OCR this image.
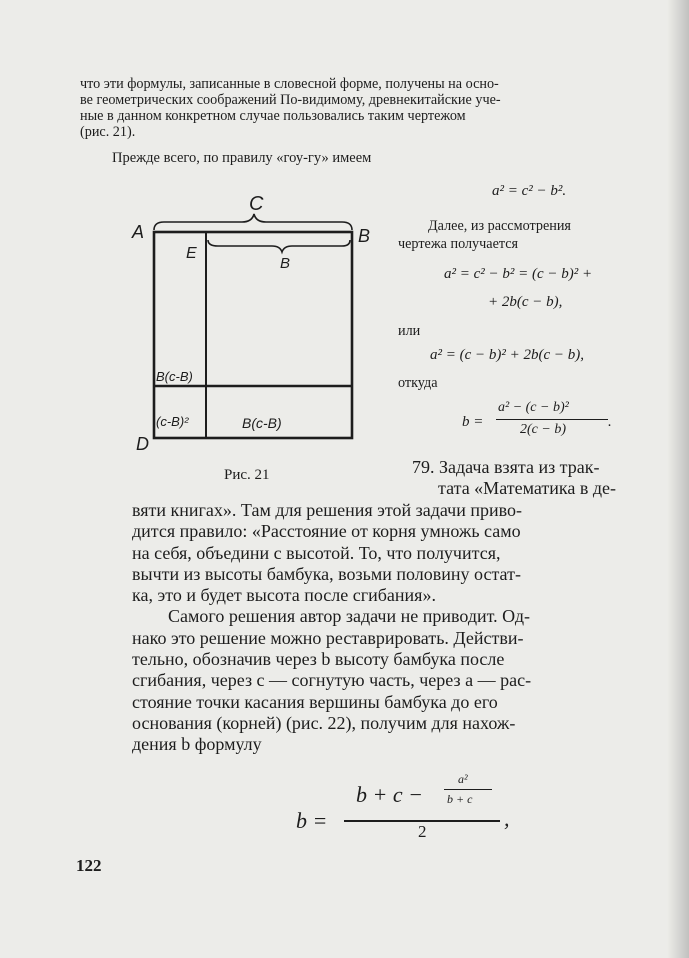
что эти формулы, записанные в словесной форме, получены на осно-
ве геометрических соображений По-видимому, древнекитайские уче-
ные в данном конкретном случае пользовались таким чертежом
(рис. 21).
Прежде всего, по правилу «гоу-гу» имеем
a² = c² − b².
Далее, из рассмотрения
чертежа получается
a² = c² − b² = (c − b)² +
+ 2b(c − b),
или
a² = (c − b)² + 2b(c − b),
откуда
b =
a² − (c − b)²
2(c − b)	.
A	B
C
D
E
B
B(c-B)
(c-B)²	B(c-B)
Рис. 21	79. Задача взята из трак-
тата «Математика в де-
вяти книгах». Там для решения этой задачи приво-
дится правило: «Расстояние от корня умножь само
на себя, объедини с высотой. То, что получится,
вычти из высоты бамбука, возьми половину остат-
ка, это и будет высота после сгибания».
Самого решения автор задачи не приводит. Од-
нако это решение можно реставрировать. Действи-
тельно, обозначив через b высоту бамбука после
сгибания, через c — согнутую часть, через a — рас-
стояние точки касания вершины бамбука до его
основания (корней) (рис. 22), получим для нахож-
дения b формулу
b =
b + c −
a²
b + c
2
,
122
